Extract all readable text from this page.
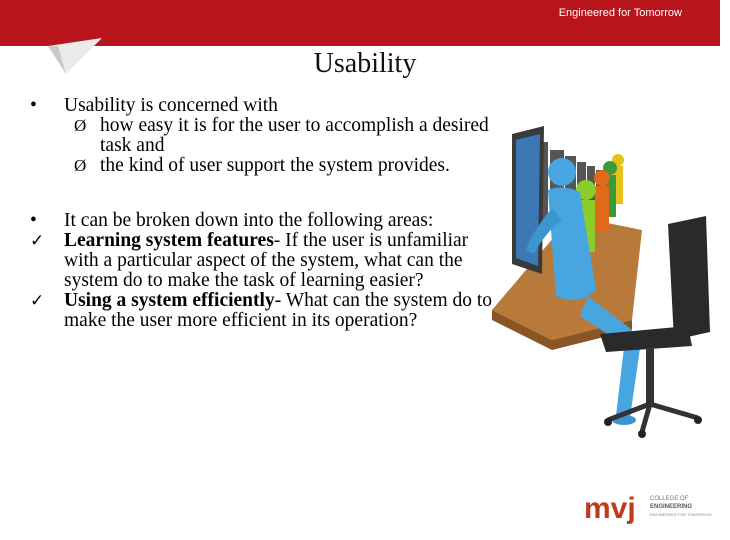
Engineered for Tomorrow
Usability
• Usability is concerned with
Ø how easy it is for the user to accomplish a desired task and
Ø the kind of user support the system provides.
• It can be broken down into the following areas:
✓ Learning system features- If the user is unfamiliar with a particular aspect of the system, what can the system do to make the task of learning easier?
✓ Using a system efficiently- What can the system do to make the user more efficient in its operation?
mvj COLLEGE OF
ENGINEERING
ENGINEERED FOR TOMORROW
